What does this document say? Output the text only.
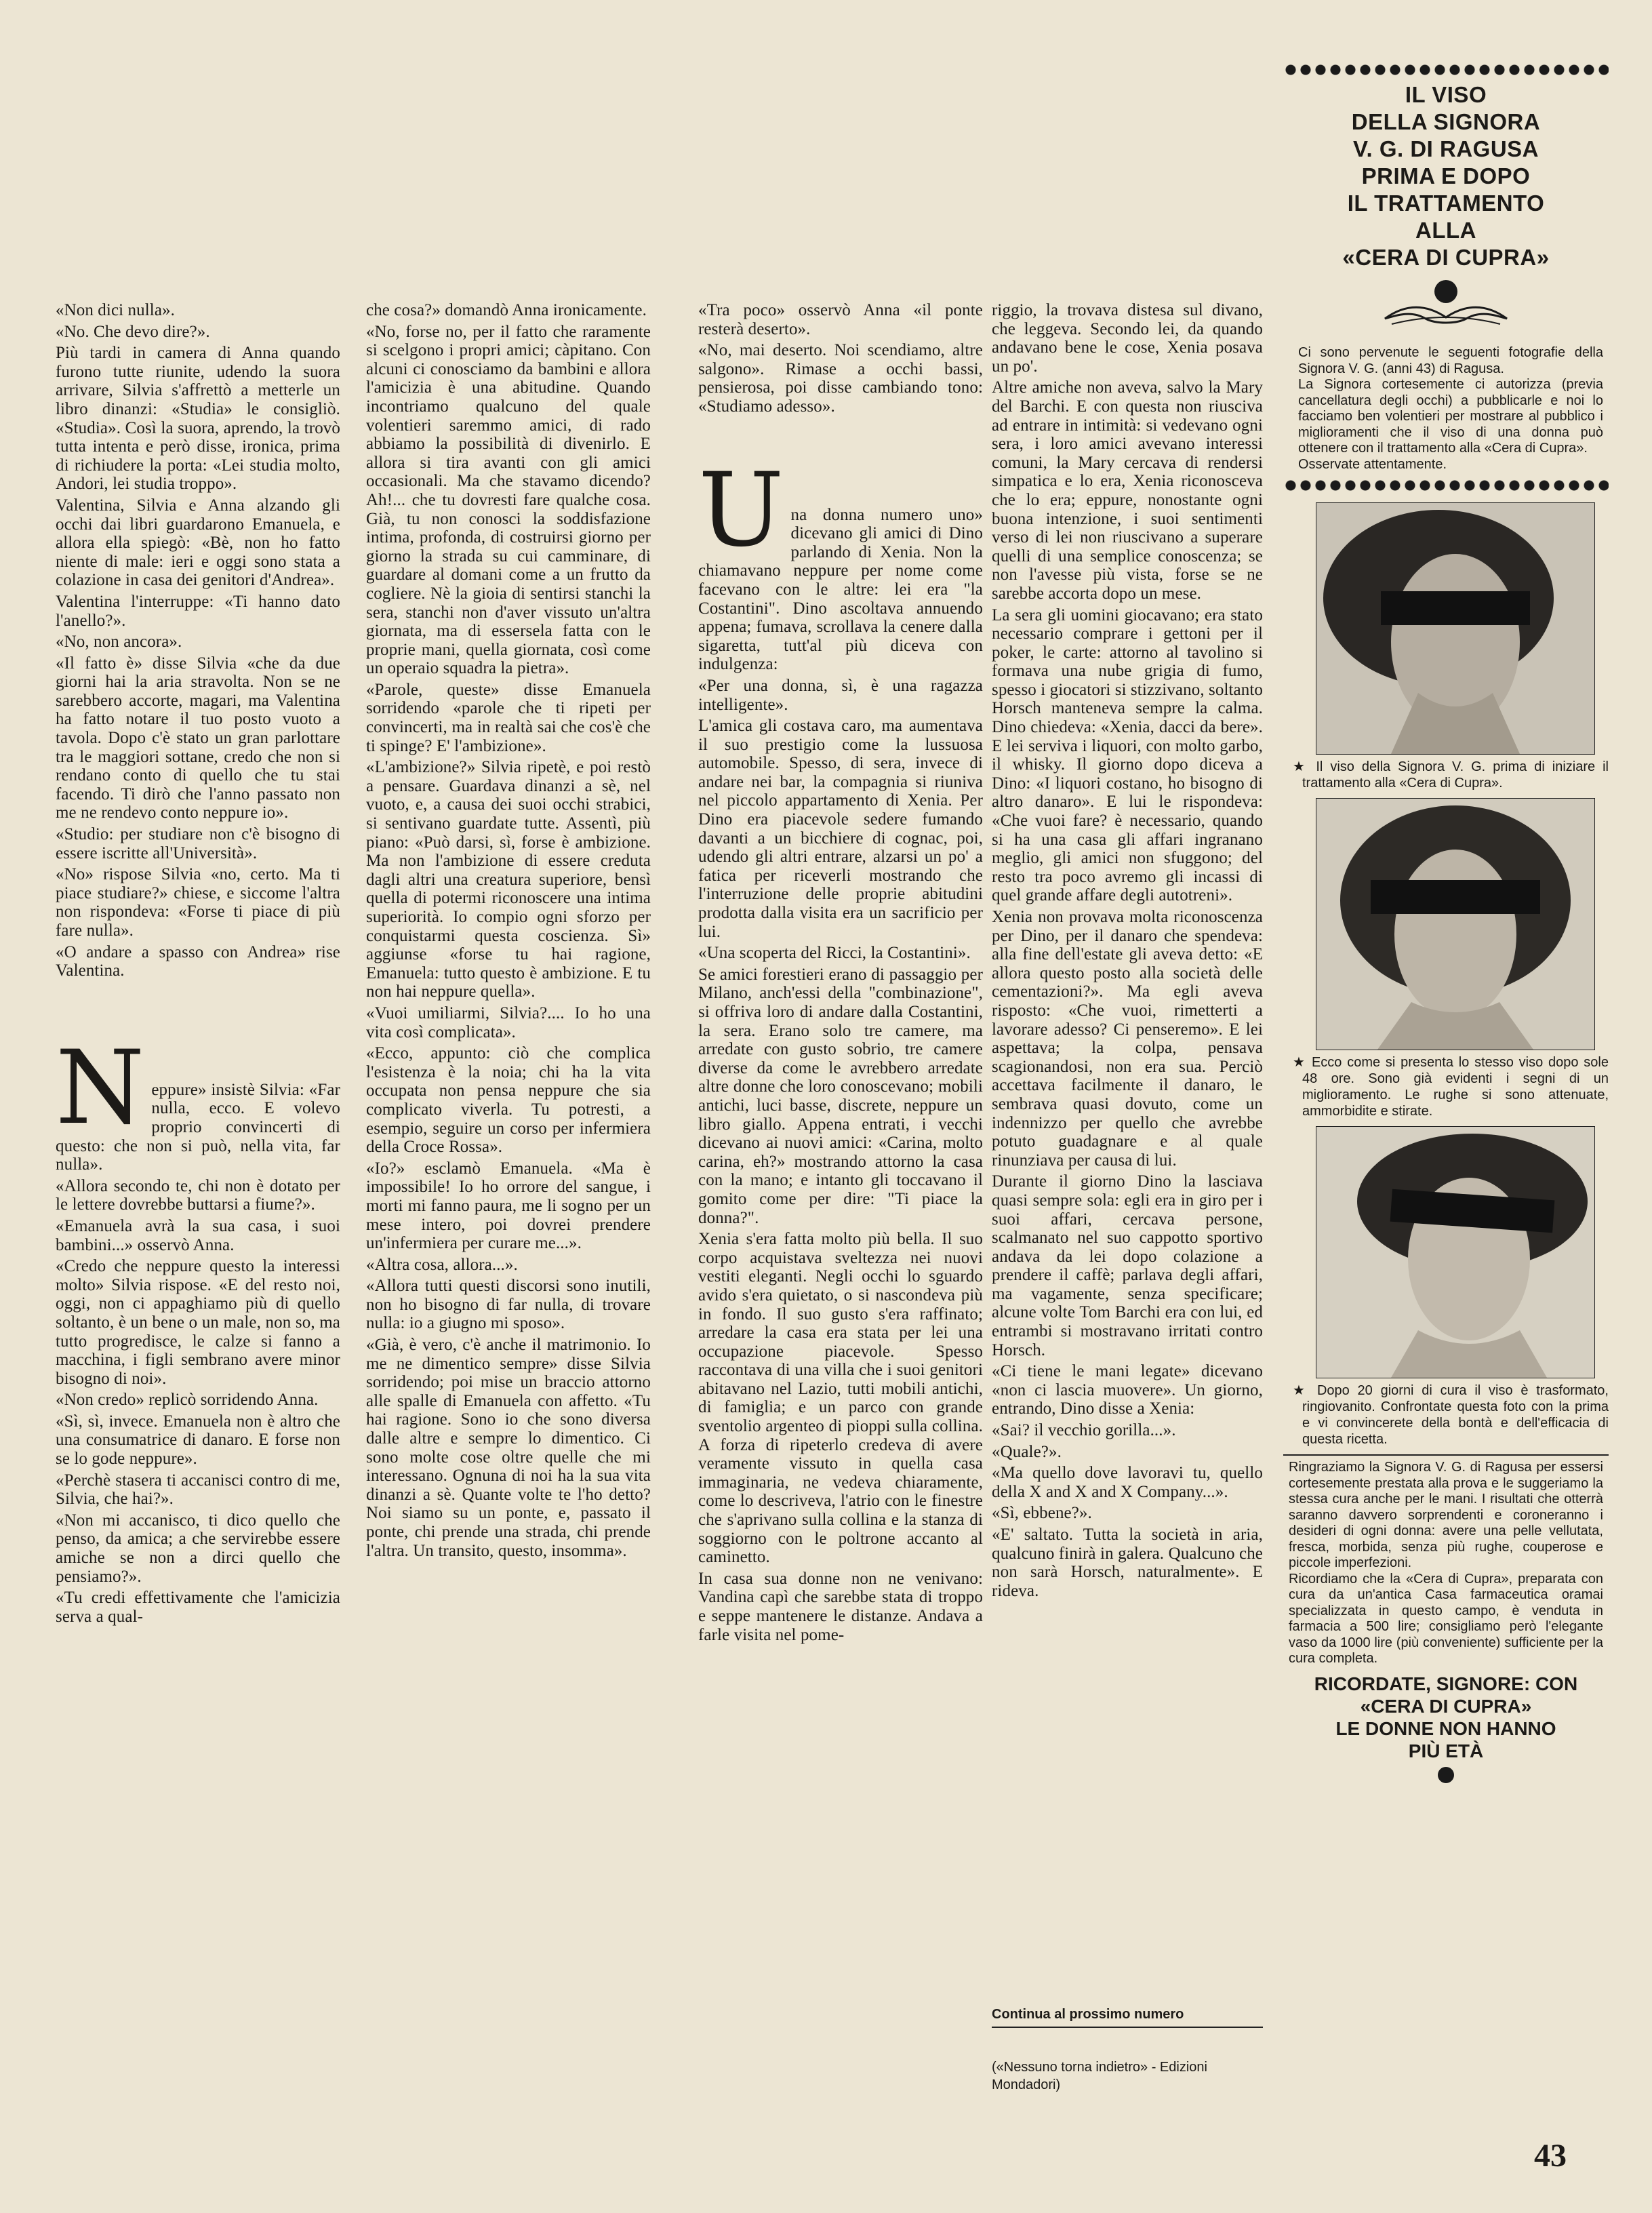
«Non dici nulla».

«No. Che devo dire?».

Più tardi in camera di Anna quando furono tutte riunite, udendo la suora arrivare, Silvia s'affrettò a metterle un libro dinanzi: «Studia» le consigliò. «Studia». Così la suora, aprendo, la trovò tutta intenta e però disse, ironica, prima di richiudere la porta: «Lei studia molto, Andori, lei studia troppo».

Valentina, Silvia e Anna alzando gli occhi dai libri guardarono Emanuela, e allora ella spiegò: «Bè, non ho fatto niente di male: ieri e oggi sono stata a colazione in casa dei genitori d'Andrea».

Valentina l'interruppe: «Ti hanno dato l'anello?».

«No, non ancora».

«Il fatto è» disse Silvia «che da due giorni hai la aria stravolta. Non se ne sarebbero accorte, magari, ma Valentina ha fatto notare il tuo posto vuoto a tavola. Dopo c'è stato un gran parlottare tra le maggiori sottane, credo che non si rendano conto di quello che tu stai facendo. Ti dirò che l'anno passato non me ne rendevo conto neppure io».

«Studio: per studiare non c'è bisogno di essere iscritte all'Università».

«No» rispose Silvia «no, certo. Ma ti piace studiare?» chiese, e siccome l'altra non rispondeva: «Forse ti piace di più fare nulla».

«O andare a spasso con Andrea» rise Valentina.

N eppure» insistè Silvia: «Far nulla, ecco. E volevo proprio convincerti di questo: che non si può, nella vita, far nulla».

«Allora secondo te, chi non è dotato per le lettere dovrebbe buttarsi a fiume?».

«Emanuela avrà la sua casa, i suoi bambini...» osservò Anna.

«Credo che neppure questo la interessi molto» Silvia rispose. «E del resto noi, oggi, non ci appaghiamo più di quello soltanto, è un bene o un male, non so, ma tutto progredisce, le calze si fanno a macchina, i figli sembrano avere minor bisogno di noi».

«Non credo» replicò sorridendo Anna.

«Sì, sì, invece. Emanuela non è altro che una consumatrice di danaro. E forse non se lo gode neppure».

«Perchè stasera ti accanisci contro di me, Silvia, che hai?».

«Non mi accanisco, ti dico quello che penso, da amica; a che servirebbe essere amiche se non a dirci quello che pensiamo?».

«Tu credi effettivamente che l'amicizia serva a qual-

che cosa?» domandò Anna ironicamente.

«No, forse no, per il fatto che raramente si scelgono i propri amici; càpitano. Con alcuni ci conosciamo da bambini e allora l'amicizia è una abitudine. Quando incontriamo qualcuno del quale volentieri saremmo amici, di rado abbiamo la possibilità di divenirlo. E allora si tira avanti con gli amici occasionali. Ma che stavamo dicendo? Ah!... che tu dovresti fare qualche cosa. Già, tu non conosci la soddisfazione intima, profonda, di costruirsi giorno per giorno la strada su cui camminare, di guardare al domani come a un frutto da cogliere. Nè la gioia di sentirsi stanchi la sera, stanchi non d'aver vissuto un'altra giornata, ma di essersela fatta con le proprie mani, quella giornata, così come un operaio squadra la pietra».

«Parole, queste» disse Emanuela sorridendo «parole che ti ripeti per convincerti, ma in realtà sai che cos'è che ti spinge? E' l'ambizione».

«L'ambizione?» Silvia ripetè, e poi restò a pensare. Guardava dinanzi a sè, nel vuoto, e, a causa dei suoi occhi strabici, si sentivano guardate tutte. Assentì, più piano: «Può darsi, sì, forse è ambizione. Ma non l'ambizione di essere creduta dagli altri una creatura superiore, bensì quella di potermi riconoscere una intima superiorità. Io compio ogni sforzo per conquistarmi questa coscienza. Sì» aggiunse «forse tu hai ragione, Emanuela: tutto questo è ambizione. E tu non hai neppure quella».

«Vuoi umiliarmi, Silvia?.... Io ho una vita così complicata».

«Ecco, appunto: ciò che complica l'esistenza è la noia; chi ha la vita occupata non pensa neppure che sia complicato viverla. Tu potresti, a esempio, seguire un corso per infermiera della Croce Rossa».

«Io?» esclamò Emanuela. «Ma è impossibile! Io ho orrore del sangue, i morti mi fanno paura, me li sogno per un mese intero, poi dovrei prendere un'infermiera per curare me...».

«Altra cosa, allora...».

«Allora tutti questi discorsi sono inutili, non ho bisogno di far nulla, di trovare nulla: io a giugno mi sposo».

«Già, è vero, c'è anche il matrimonio. Io me ne dimentico sempre» disse Silvia sorridendo; poi mise un braccio attorno alle spalle di Emanuela con affetto. «Tu hai ragione. Sono io che sono diversa dalle altre e sempre lo dimentico. Ci sono molte cose oltre quelle che mi interessano. Ognuna di noi ha la sua vita dinanzi a sè. Quante volte te l'ho detto? Noi siamo su un ponte, e, passato il ponte, chi prende una strada, chi prende l'altra. Un transito, questo, insomma».

«Tra poco» osservò Anna «il ponte resterà deserto».

«No, mai deserto. Noi scendiamo, altre salgono». Rimase a occhi bassi, pensierosa, poi disse cambiando tono: «Studiamo adesso».

U na donna numero uno» dicevano gli amici di Dino parlando di Xenia. Non la chiamavano neppure per nome come facevano con le altre: lei era "la Costantini". Dino ascoltava annuendo appena; fumava, scrollava la cenere dalla sigaretta, tutt'al più diceva con indulgenza:

«Per una donna, sì, è una ragazza intelligente».

L'amica gli costava caro, ma aumentava il suo prestigio come la lussuosa automobile. Spesso, di sera, invece di andare nei bar, la compagnia si riuniva nel piccolo appartamento di Xenia. Per Dino era piacevole sedere fumando davanti a un bicchiere di cognac, poi, udendo gli altri entrare, alzarsi un po' a fatica per riceverli mostrando che l'interruzione delle proprie abitudini prodotta dalla visita era un sacrificio per lui.

«Una scoperta del Ricci, la Costantini».

Se amici forestieri erano di passaggio per Milano, anch'essi della "combinazione", si offriva loro di andare dalla Costantini, la sera. Erano solo tre camere, ma arredate con gusto sobrio, tre camere diverse da come le avrebbero arredate altre donne che loro conoscevano; mobili antichi, luci basse, discrete, neppure un libro giallo. Appena entrati, i vecchi dicevano ai nuovi amici: «Carina, molto carina, eh?» mostrando attorno la casa con la mano; e intanto gli toccavano il gomito come per dire: "Ti piace la donna?".

Xenia s'era fatta molto più bella. Il suo corpo acquistava sveltezza nei nuovi vestiti eleganti. Negli occhi lo sguardo avido s'era quietato, o si nascondeva più in fondo. Il suo gusto s'era raffinato; arredare la casa era stata per lei una occupazione piacevole. Spesso raccontava di una villa che i suoi genitori abitavano nel Lazio, tutti mobili antichi, di famiglia; e un parco con grande sventolio argenteo di pioppi sulla collina. A forza di ripeterlo credeva di avere veramente vissuto in quella casa immaginaria, ne vedeva chiaramente, come lo descriveva, l'atrio con le finestre che s'aprivano sulla collina e la stanza di soggiorno con le poltrone accanto al caminetto.

In casa sua donne non ne venivano: Vandina capì che sarebbe stata di troppo e seppe mantenere le distanze. Andava a farle visita nel pome-

riggio, la trovava distesa sul divano, che leggeva. Secondo lei, da quando andavano bene le cose, Xenia posava un po'.

Altre amiche non aveva, salvo la Mary del Barchi. E con questa non riusciva ad entrare in intimità: si vedevano ogni sera, i loro amici avevano interessi comuni, la Mary cercava di rendersi simpatica e lo era, Xenia riconosceva che lo era; eppure, nonostante ogni buona intenzione, i suoi sentimenti verso di lei non riuscivano a superare quelli di una semplice conoscenza; se non l'avesse più vista, forse se ne sarebbe accorta dopo un mese.

La sera gli uomini giocavano; era stato necessario comprare i gettoni per il poker, le carte: attorno al tavolino si formava una nube grigia di fumo, spesso i giocatori si stizzivano, soltanto Horsch manteneva sempre la calma. Dino chiedeva: «Xenia, dacci da bere». E lei serviva i liquori, con molto garbo, il whisky. Il giorno dopo diceva a Dino: «I liquori costano, ho bisogno di altro danaro». E lui le rispondeva: «Che vuoi fare? è necessario, quando si ha una casa gli affari ingranano meglio, gli amici non sfuggono; del resto tra poco avremo gli incassi di quel grande affare degli autotreni».

Xenia non provava molta riconoscenza per Dino, per il danaro che spendeva: alla fine dell'estate gli aveva detto: «E allora questo posto alla società delle cementazioni?». Ma egli aveva risposto: «Che vuoi, rimetterti a lavorare adesso? Ci penseremo». E lei aspettava; la colpa, pensava scagionandosi, non era sua. Perciò accettava facilmente il danaro, le sembrava quasi dovuto, come un indennizzo per quello che avrebbe potuto guadagnare e al quale rinunziava per causa di lui.

Durante il giorno Dino la lasciava quasi sempre sola: egli era in giro per i suoi affari, cercava persone, scalmanato nel suo cappotto sportivo andava da lei dopo colazione a prendere il caffè; parlava degli affari, ma vagamente, senza specificare; alcune volte Tom Barchi era con lui, ed entrambi si mostravano irritati contro Horsch.

«Ci tiene le mani legate» dicevano «non ci lascia muovere». Un giorno, entrando, Dino disse a Xenia:

«Sai? il vecchio gorilla...».

«Quale?».

«Ma quello dove lavoravi tu, quello della X and X and X Company...».

«Sì, ebbene?».

«E' saltato. Tutta la società in aria, qualcuno finirà in galera. Qualcuno che non sarà Horsch, naturalmente». E rideva.

Continua al prossimo numero
(«Nessuno torna indietro» - Edizioni Mondadori)
IL VISO
DELLA SIGNORA
V. G. DI RAGUSA
PRIMA E DOPO
IL TRATTAMENTO
ALLA
«CERA DI CUPRA»

Ci sono pervenute le seguenti fotografie della Signora V. G. (anni 43) di Ragusa.

La Signora cortesemente ci autorizza (previa cancellatura degli occhi) a pubblicarle e noi lo facciamo ben volentieri per mostrare al pubblico i miglioramenti che il viso di una donna può ottenere con il trattamento alla «Cera di Cupra».

Osservate attentamente.

★ Il viso della Signora V. G. prima di iniziare il trattamento alla «Cera di Cupra».

★ Ecco come si presenta lo stesso viso dopo sole 48 ore. Sono già evidenti i segni di un miglioramento. Le rughe si sono attenuate, ammorbidite e stirate.

★ Dopo 20 giorni di cura il viso è trasformato, ringiovanito. Confrontate questa foto con la prima e vi convincerete della bontà e dell'efficacia di questa ricetta.

Ringraziamo la Signora V. G. di Ragusa per essersi cortesemente prestata alla prova e le suggeriamo la stessa cura anche per le mani. I risultati che otterrà saranno davvero sorprendenti e coroneranno i desideri di ogni donna: avere una pelle vellutata, fresca, morbida, senza più rughe, couperose e piccole imperfezioni.

Ricordiamo che la «Cera di Cupra», preparata con cura da un'antica Casa farmaceutica oramai specializzata in questo campo, è venduta in farmacia a 500 lire; consigliamo però l'elegante vaso da 1000 lire (più conveniente) sufficiente per la cura completa.

RICORDATE, SIGNORE: CON
«CERA DI CUPRA»
LE DONNE NON HANNO
PIÙ ETÀ
43
